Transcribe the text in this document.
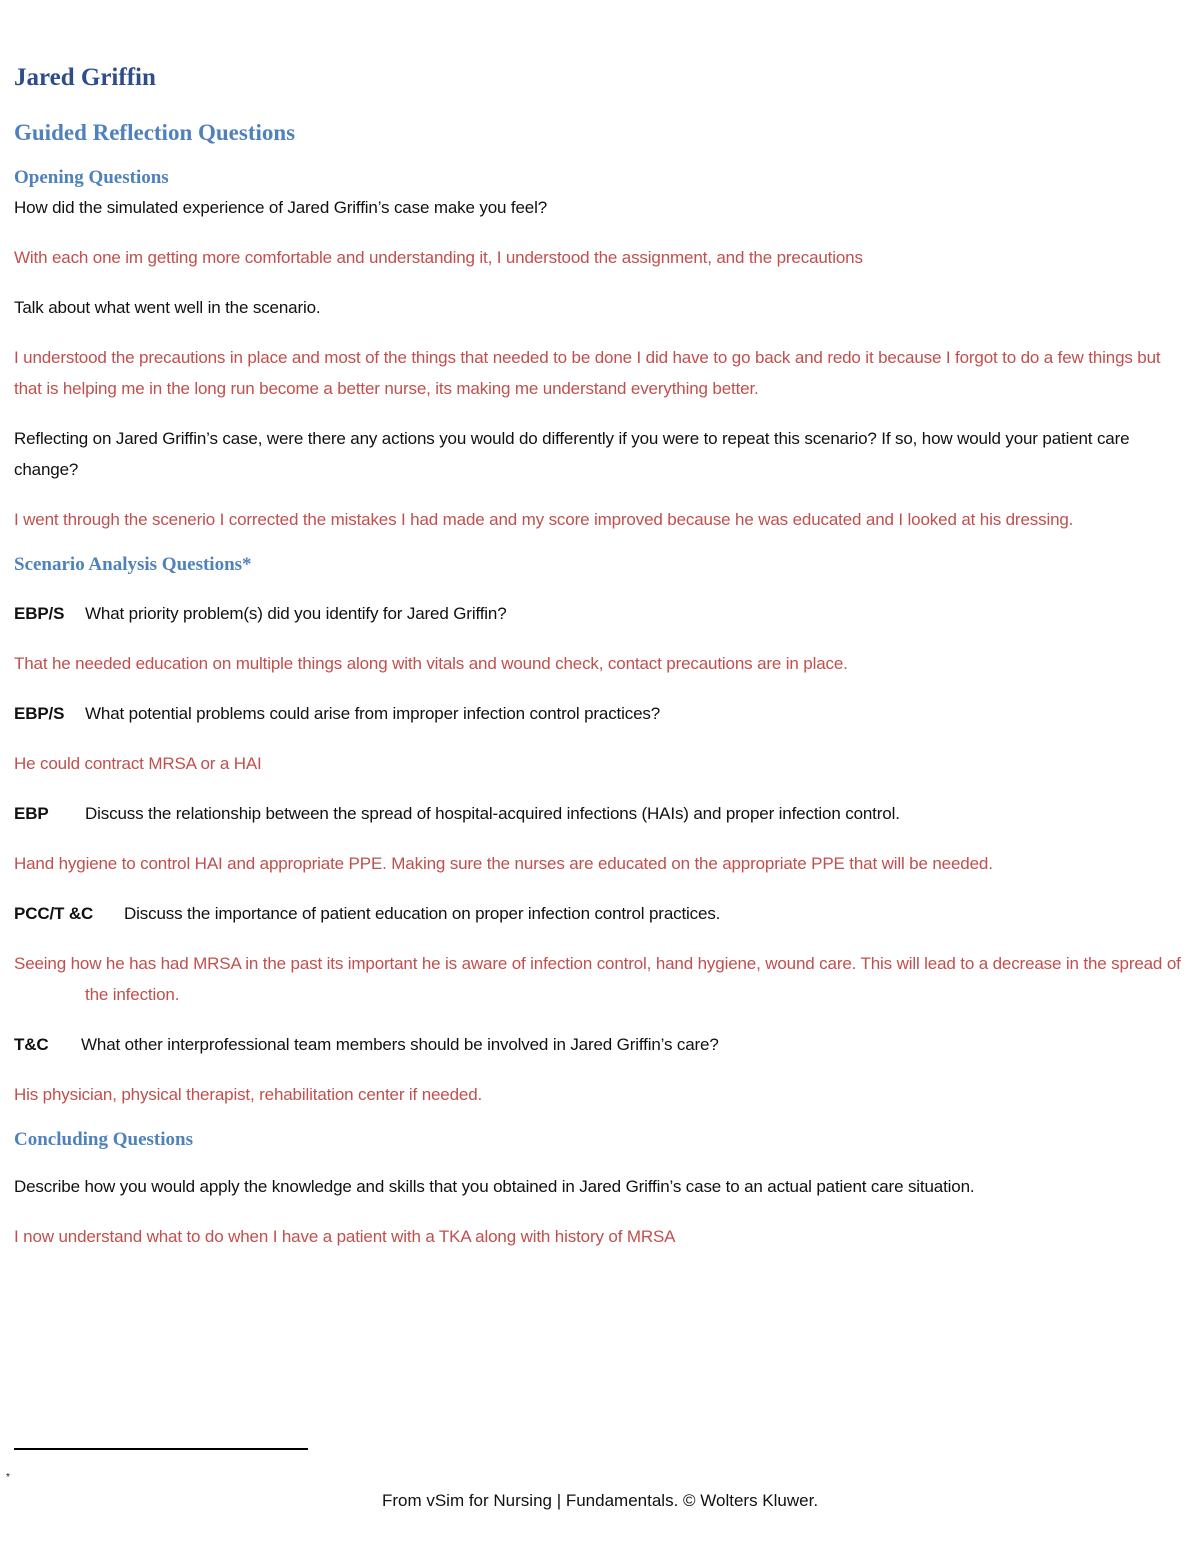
Jared Griffin
Guided Reflection Questions
Opening Questions

How did the simulated experience of Jared Griffin’s case make you feel?

With each one im getting more comfortable and understanding it, I understood the assignment, and the precautions

Talk about what went well in the scenario.

I understood the precautions in place and most of the things that needed to be done I did have to go back and redo it because I forgot to do a few things but that is helping me in the long run become a better nurse, its making me understand everything better.

Reflecting on Jared Griffin’s case, were there any actions you would do differently if you were to repeat this scenario? If so, how would your patient care change?

I went through the scenerio I corrected the mistakes I had made and my score improved because he was educated and I looked at his dressing.

Scenario Analysis Questions*

EBP/S What priority problem(s) did you identify for Jared Griffin?

That he needed education on multiple things along with vitals and wound check, contact precautions are in place.

EBP/S What potential problems could arise from improper infection control practices?

He could contract MRSA or a HAI

EBP Discuss the relationship between the spread of hospital-acquired infections (HAIs) and proper infection control.

Hand hygiene to control HAI and appropriate PPE. Making sure the nurses are educated on the appropriate PPE that will be needed.

PCC/T &C Discuss the importance of patient education on proper infection control practices.

Seeing how he has had MRSA in the past its important he is aware of infection control, hand hygiene, wound care. This will lead to a decrease in the spread of the infection.

T&C What other interprofessional team members should be involved in Jared Griffin’s care?

His physician, physical therapist, rehabilitation center if needed.

Concluding Questions

Describe how you would apply the knowledge and skills that you obtained in Jared Griffin’s case to an actual patient care situation.

I now understand what to do when I have a patient with a TKA along with history of MRSA

*
From vSim for Nursing | Fundamentals. © Wolters Kluwer.
